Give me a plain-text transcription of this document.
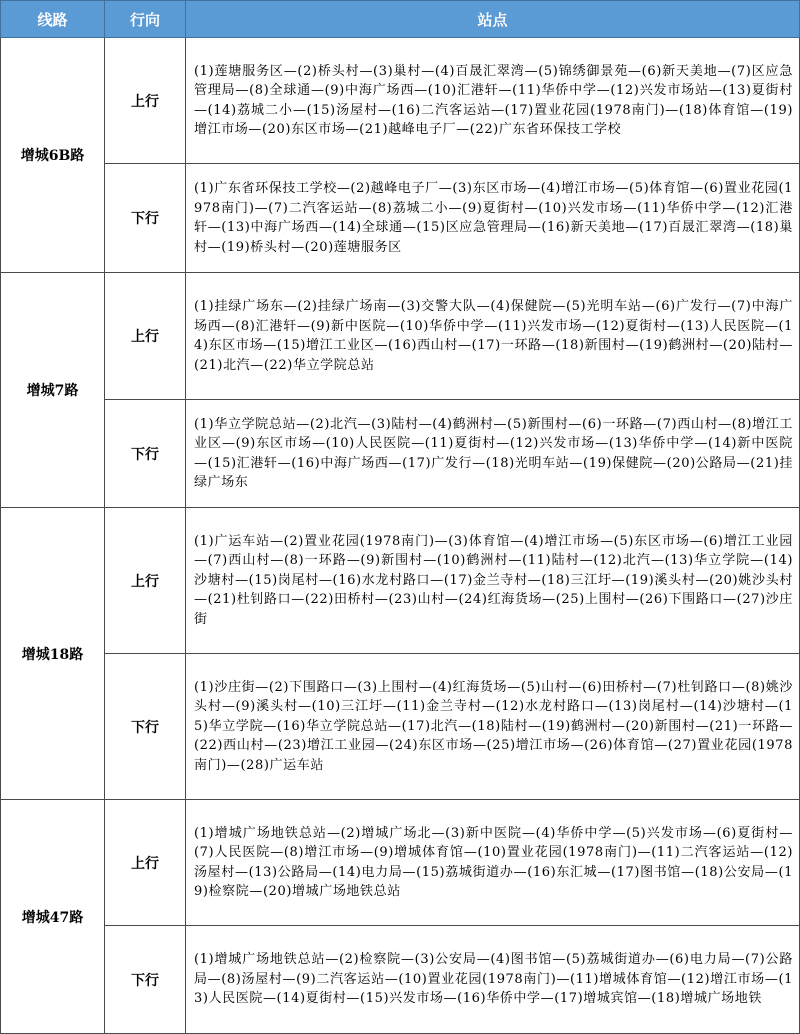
线路	行向	站点
增城6B路	上行	(1)莲塘服务区—(2)桥头村—(3)巢村—(4)百晟汇翠湾—(5)锦绣御景苑—(6)新天美地—(7)区应急管理局—(8)全球通—(9)中海广场西—(10)汇港轩—(11)华侨中学—(12)兴发市场站—(13)夏街村—(14)荔城二小—(15)汤屋村—(16)二汽客运站—(17)置业花园(1978南门)—(18)体育馆—(19)增江市场—(20)东区市场—(21)越峰电子厂—(22)广东省环保技工学校
	下行	(1)广东省环保技工学校—(2)越峰电子厂—(3)东区市场—(4)增江市场—(5)体育馆—(6)置业花园(1978南门)—(7)二汽客运站—(8)荔城二小—(9)夏街村—(10)兴发市场—(11)华侨中学—(12)汇港轩—(13)中海广场西—(14)全球通—(15)区应急管理局—(16)新天美地—(17)百晟汇翠湾—(18)巢村—(19)桥头村—(20)莲塘服务区
增城7路	上行	(1)挂绿广场东—(2)挂绿广场南—(3)交警大队—(4)保健院—(5)光明车站—(6)广发行—(7)中海广场西—(8)汇港轩—(9)新中医院—(10)华侨中学—(11)兴发市场—(12)夏街村—(13)人民医院—(14)东区市场—(15)增江工业区—(16)西山村—(17)一环路—(18)新围村—(19)鹤洲村—(20)陆村—(21)北汽—(22)华立学院总站
	下行	(1)华立学院总站—(2)北汽—(3)陆村—(4)鹤洲村—(5)新围村—(6)一环路—(7)西山村—(8)增江工业区—(9)东区市场—(10)人民医院—(11)夏街村—(12)兴发市场—(13)华侨中学—(14)新中医院—(15)汇港轩—(16)中海广场西—(17)广发行—(18)光明车站—(19)保健院—(20)公路局—(21)挂绿广场东
增城18路	上行	(1)广运车站—(2)置业花园(1978南门)—(3)体育馆—(4)增江市场—(5)东区市场—(6)增江工业园—(7)西山村—(8)一环路—(9)新围村—(10)鹤洲村—(11)陆村—(12)北汽—(13)华立学院—(14)沙塘村—(15)岗尾村—(16)水龙村路口—(17)金兰寺村—(18)三江圩—(19)溪头村—(20)姚沙头村—(21)杜钊路口—(22)田桥村—(23)山村—(24)红海货场—(25)上围村—(26)下围路口—(27)沙庄街
	下行	(1)沙庄街—(2)下围路口—(3)上围村—(4)红海货场—(5)山村—(6)田桥村—(7)杜钊路口—(8)姚沙头村—(9)溪头村—(10)三江圩—(11)金兰寺村—(12)水龙村路口—(13)岗尾村—(14)沙塘村—(15)华立学院—(16)华立学院总站—(17)北汽—(18)陆村—(19)鹤洲村—(20)新围村—(21)一环路—(22)西山村—(23)增江工业园—(24)东区市场—(25)增江市场—(26)体育馆—(27)置业花园(1978南门)—(28)广运车站
增城47路	上行	(1)增城广场地铁总站—(2)增城广场北—(3)新中医院—(4)华侨中学—(5)兴发市场—(6)夏街村—(7)人民医院—(8)增江市场—(9)增城体育馆—(10)置业花园(1978南门)—(11)二汽客运站—(12)汤屋村—(13)公路局—(14)电力局—(15)荔城街道办—(16)东汇城—(17)图书馆—(18)公安局—(19)检察院—(20)增城广场地铁总站
	下行	(1)增城广场地铁总站—(2)检察院—(3)公安局—(4)图书馆—(5)荔城街道办—(6)电力局—(7)公路局—(8)汤屋村—(9)二汽客运站—(10)置业花园(1978南门)—(11)增城体育馆—(12)增江市场—(13)人民医院—(14)夏街村—(15)兴发市场—(16)华侨中学—(17)增城宾馆—(18)增城广场地铁
